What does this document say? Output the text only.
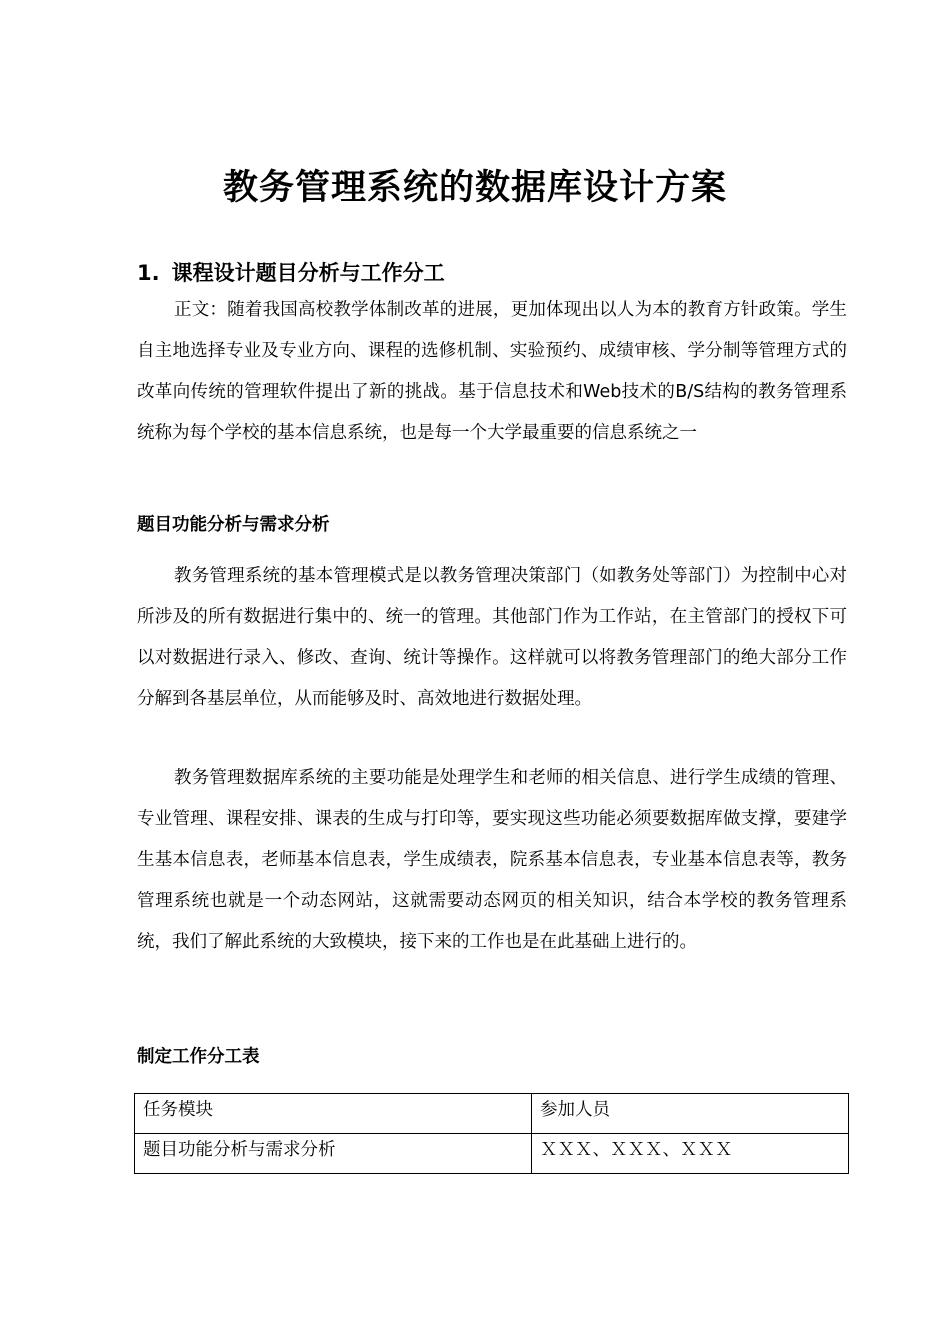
教务管理系统的数据库设计方案
1. 课程设计题目分析与工作分工

正文：随着我国高校教学体制改革的进展，更加体现出以人为本的教育方针政策。学生自主地选择专业及专业方向、课程的选修机制、实验预约、成绩审核、学分制等管理方式的改革向传统的管理软件提出了新的挑战。基于信息技术和Web技术的B/S结构的教务管理系统称为每个学校的基本信息系统，也是每一个大学最重要的信息系统之一

题目功能分析与需求分析

教务管理系统的基本管理模式是以教务管理决策部门（如教务处等部门）为控制中心对所涉及的所有数据进行集中的、统一的管理。其他部门作为工作站，在主管部门的授权下可以对数据进行录入、修改、查询、统计等操作。这样就可以将教务管理部门的绝大部分工作分解到各基层单位，从而能够及时、高效地进行数据处理。

教务管理数据库系统的主要功能是处理学生和老师的相关信息、进行学生成绩的管理、专业管理、课程安排、课表的生成与打印等，要实现这些功能必须要数据库做支撑，要建学生基本信息表，老师基本信息表，学生成绩表，院系基本信息表，专业基本信息表等，教务管理系统也就是一个动态网站，这就需要动态网页的相关知识，结合本学校的教务管理系统，我们了解此系统的大致模块，接下来的工作也是在此基础上进行的。

制定工作分工表
任务模块	参加人员
题目功能分析与需求分析	ＸＸＸ、ＸＸＸ、ＸＸＸ
